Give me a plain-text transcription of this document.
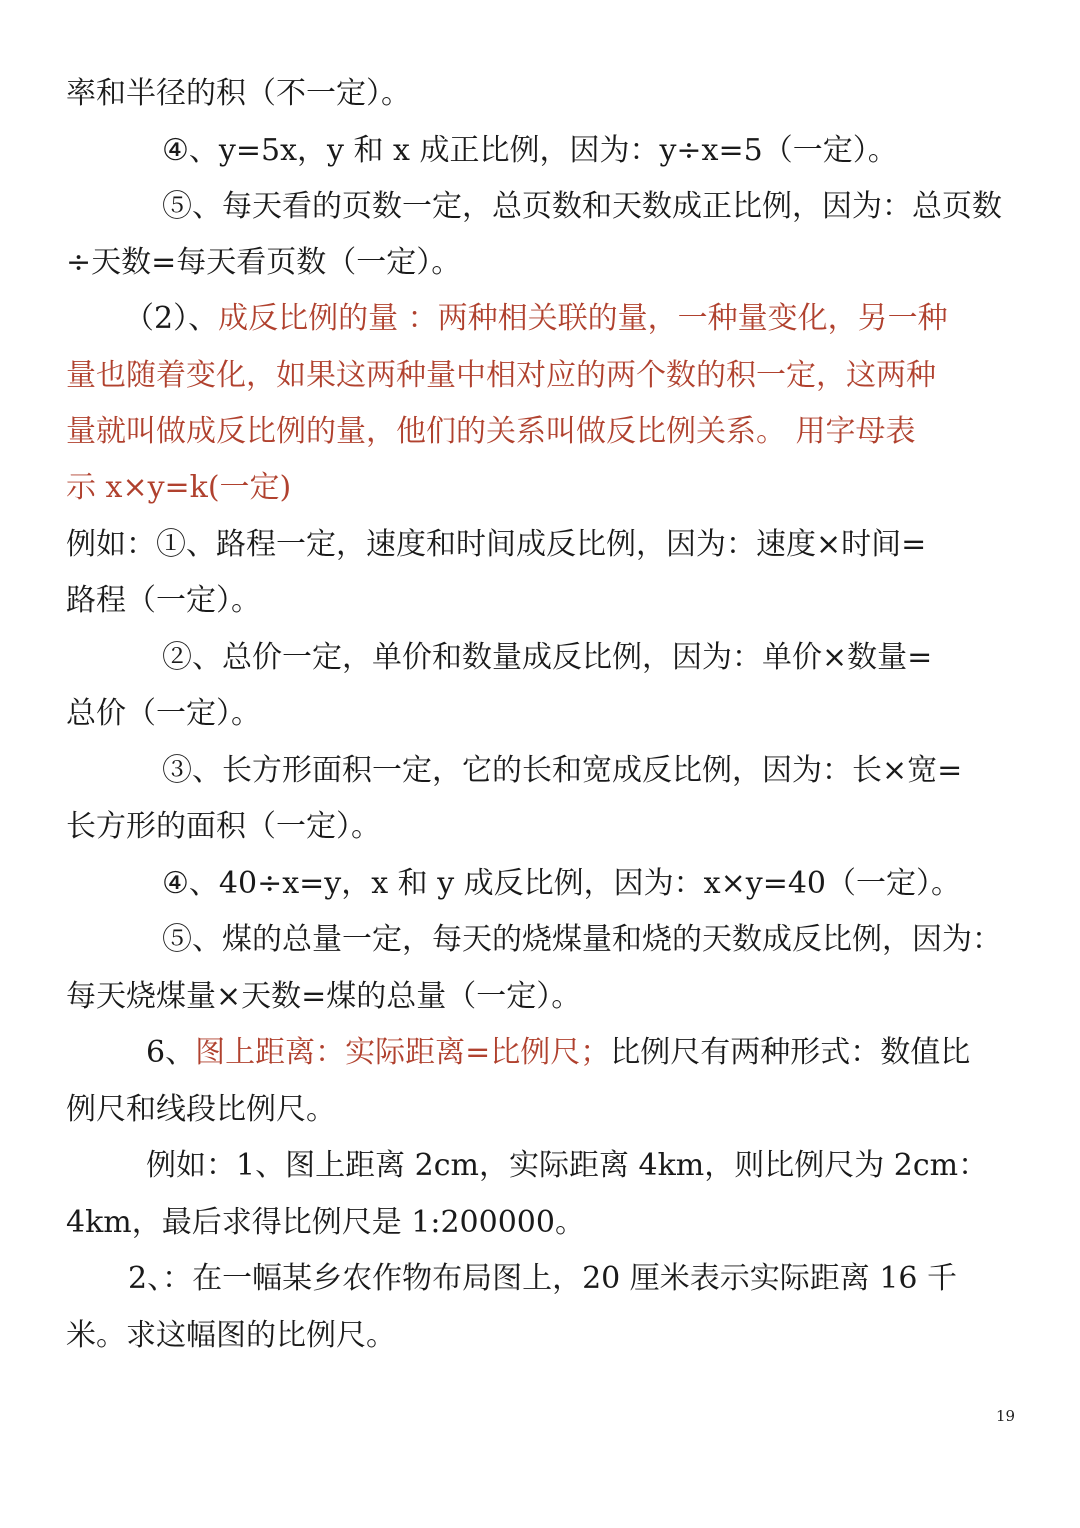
率和半径的积（不一定）。
④、y=5x，y 和 x 成正比例，因为：y÷x=5（一定）。
⑤、每天看的页数一定，总页数和天数成正比例，因为：总页数
÷天数=每天看页数（一定）。
（2）、成反比例的量 ：两种相关联的量，一种量变化，另一种
量也随着变化，如果这两种量中相对应的两个数的积一定，这两种
量就叫做成反比例的量，他们的关系叫做反比例关系。 用字母表
示 x×y=k(一定)
例如：①、路程一定，速度和时间成反比例，因为：速度×时间=
路程（一定）。
②、总价一定，单价和数量成反比例，因为：单价×数量=
总价（一定）。
③、长方形面积一定，它的长和宽成反比例，因为：长×宽=
长方形的面积（一定）。
④、40÷x=y，x 和 y 成反比例，因为：x×y=40（一定）。
⑤、煤的总量一定，每天的烧煤量和烧的天数成反比例，因为：
每天烧煤量×天数=煤的总量（一定）。
6、图上距离：实际距离=比例尺；比例尺有两种形式：数值比
例尺和线段比例尺。
例如：1、图上距离 2cm，实际距离 4km，则比例尺为 2cm：
4km，最后求得比例尺是 1:200000。
2、：在一幅某乡农作物布局图上，20 厘米表示实际距离 16 千
米。求这幅图的比例尺。
19
